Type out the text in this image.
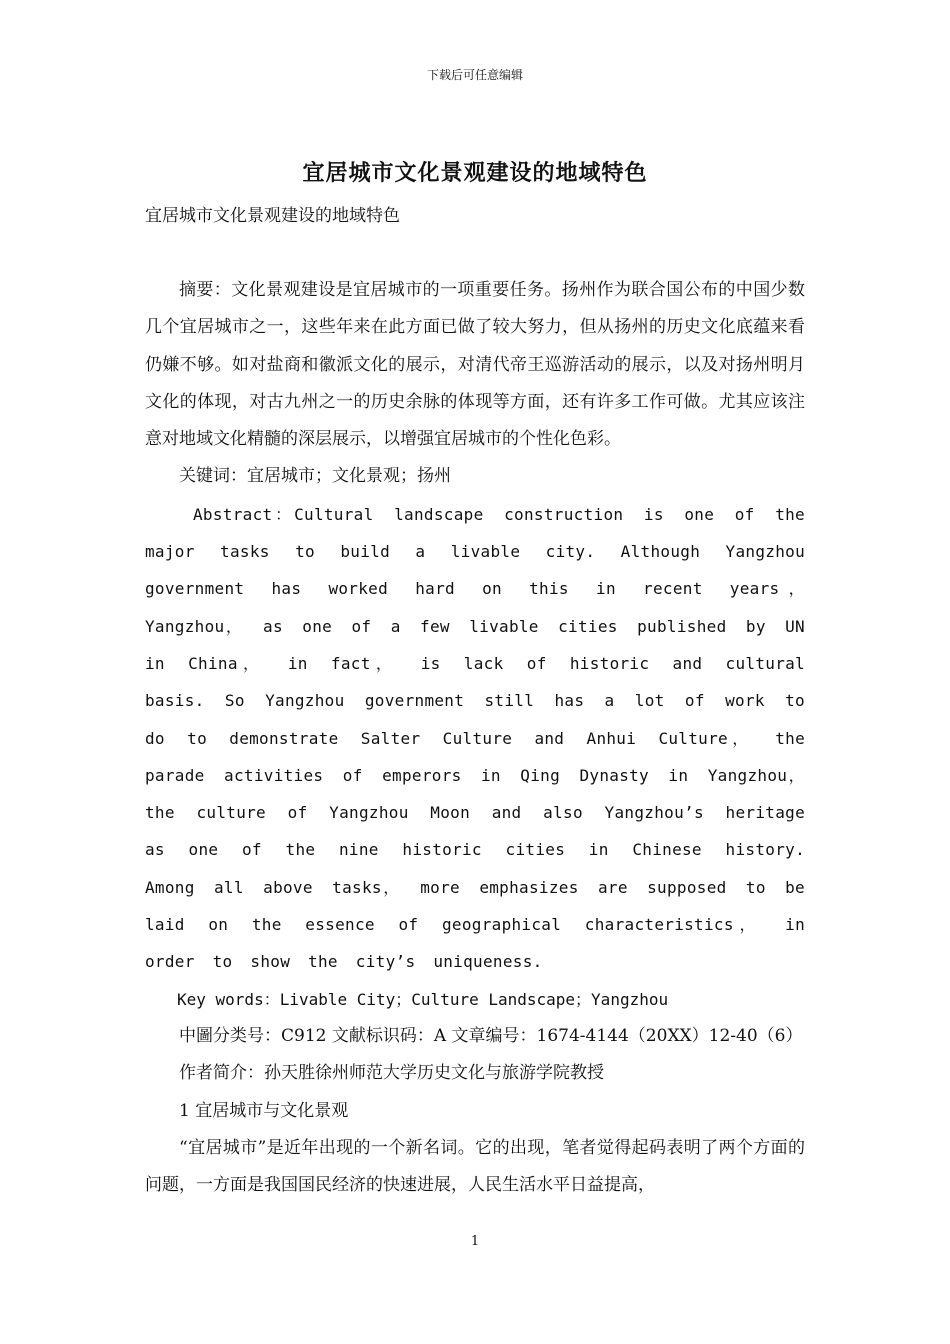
下载后可任意编辑
宜居城市文化景观建设的地域特色
宜居城市文化景观建设的地域特色
摘要：文化景观建设是宜居城市的一项重要任务。扬州作为联合国公布的中国少数几个宜居城市之一，这些年来在此方面已做了较大努力，但从扬州的历史文化底蕴来看仍嫌不够。如对盐商和徽派文化的展示，对清代帝王巡游活动的展示，以及对扬州明月文化的体现，对古九州之一的历史余脉的体现等方面，还有许多工作可做。尤其应该注意对地域文化精髓的深层展示，以增强宜居城市的个性化色彩。
关键词：宜居城市；文化景观；扬州
Abstract：Cultural landscape construction is one of the major tasks to build a livable city. Although Yangzhou government has worked hard on this in recent years， Yangzhou， as one of a few livable cities published by UN in China， in fact， is lack of historic and cultural basis. So Yangzhou government still has a lot of work to do to demonstrate Salter Culture and Anhui Culture， the parade activities of emperors in Qing Dynasty in Yangzhou， the culture of Yangzhou Moon and also Yangzhou’s heritage as one of the nine historic cities in Chinese history. Among all above tasks， more emphasizes are supposed to be laid on the essence of geographical characteristics， in order to show the city’s uniqueness.
Key words：Livable City；Culture Landscape；Yangzhou
中圖分类号：C912 文献标识码：A 文章编号：1674-4144（20XX）12-40（6）
作者简介：孙天胜徐州师范大学历史文化与旅游学院教授
1 宜居城市与文化景观
“宜居城市”是近年出现的一个新名词。它的出现，笔者觉得起码表明了两个方面的问题，一方面是我国国民经济的快速进展，人民生活水平日益提高，
1
